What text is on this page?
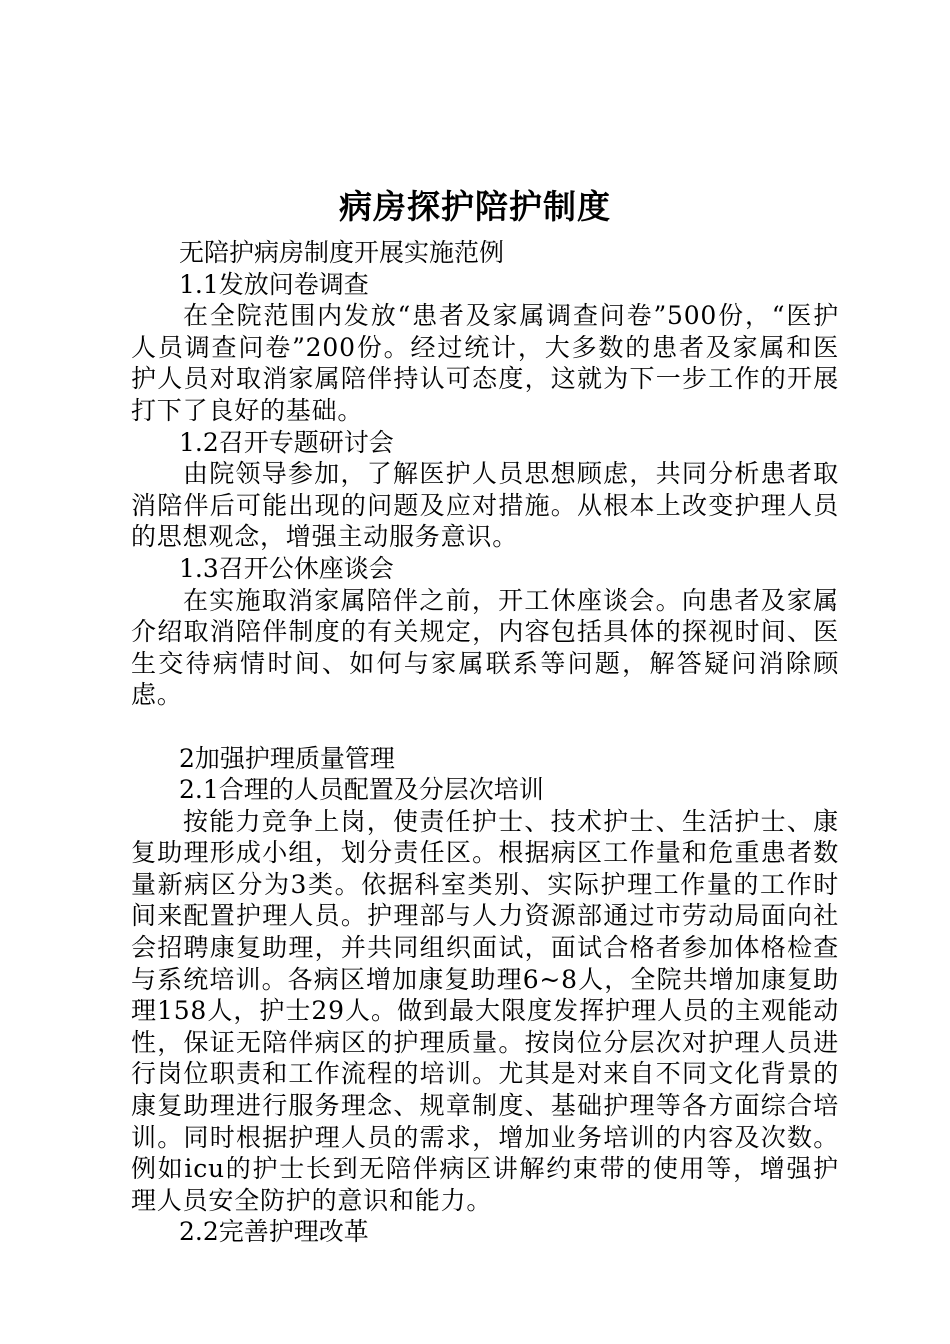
病房探护陪护制度

无陪护病房制度开展实施范例

1.1发放问卷调查

在全院范围内发放“患者及家属调查问卷”500份，“医护人员调查问卷”200份。经过统计，大多数的患者及家属和医护人员对取消家属陪伴持认可态度，这就为下一步工作的开展打下了良好的基础。

1.2召开专题研讨会

由院领导参加，了解医护人员思想顾虑，共同分析患者取消陪伴后可能出现的问题及应对措施。从根本上改变护理人员的思想观念，增强主动服务意识。

1.3召开公休座谈会

在实施取消家属陪伴之前，开工休座谈会。向患者及家属介绍取消陪伴制度的有关规定，内容包括具体的探视时间、医生交待病情时间、如何与家属联系等问题，解答疑问消除顾虑。

2加强护理质量管理

2.1合理的人员配置及分层次培训

按能力竞争上岗，使责任护士、技术护士、生活护士、康复助理形成小组，划分责任区。根据病区工作量和危重患者数量新病区分为3类。依据科室类别、实际护理工作量的工作时间来配置护理人员。护理部与人力资源部通过市劳动局面向社会招聘康复助理，并共同组织面试，面试合格者参加体格检查与系统培训。各病区增加康复助理6~8人，全院共增加康复助理158人，护士29人。做到最大限度发挥护理人员的主观能动性，保证无陪伴病区的护理质量。按岗位分层次对护理人员进行岗位职责和工作流程的培训。尤其是对来自不同文化背景的康复助理进行服务理念、规章制度、基础护理等各方面综合培训。同时根据护理人员的需求，增加业务培训的内容及次数。例如icu的护士长到无陪伴病区讲解约束带的使用等，增强护理人员安全防护的意识和能力。

2.2完善护理改革
